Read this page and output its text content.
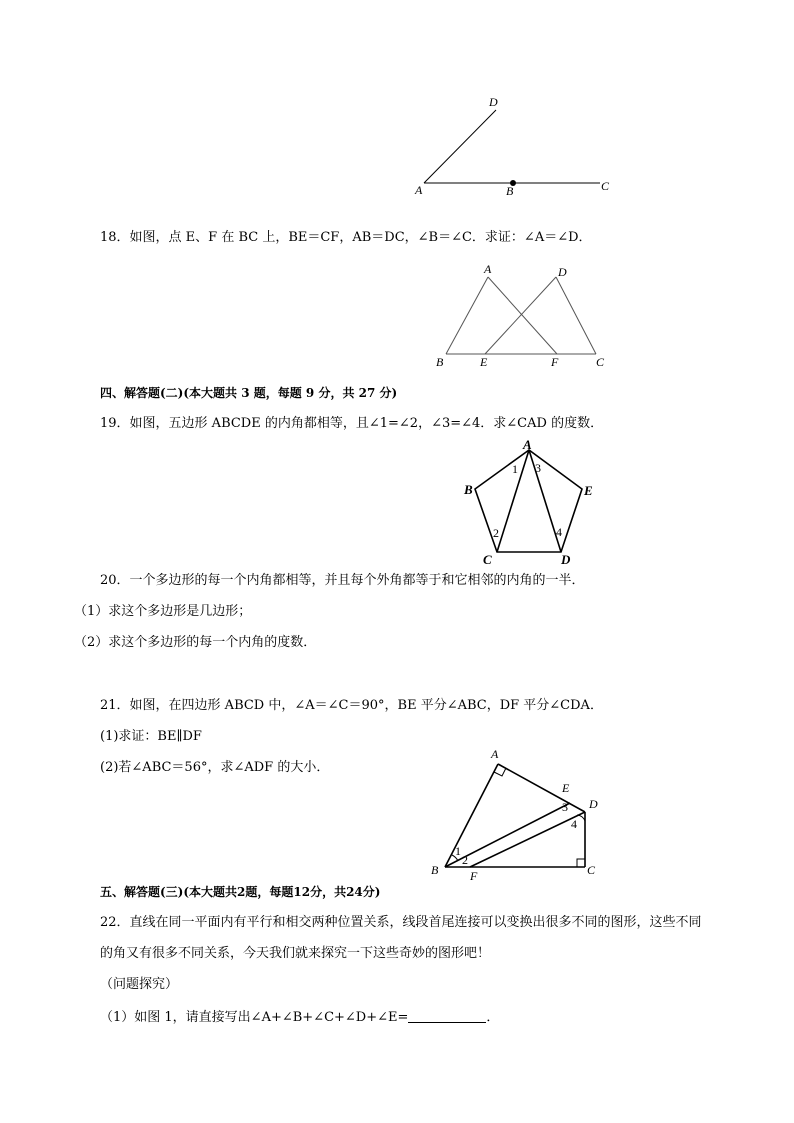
D
A	B	C
18．如图，点 E、F 在 BC 上，BE＝CF，AB＝DC，∠B＝∠C．求证：∠A＝∠D．
A	D
B	E	F	C
四、解答题(二)(本大题共 3 题，每题 9 分，共 27 分)
19．如图，五边形 ABCDE 的内角都相等，且∠1=∠2，∠3=∠4．求∠CAD 的度数．
A
B	E
C	D
1 3
2	4
20．一个多边形的每一个内角都相等，并且每个外角都等于和它相邻的内角的一半．
（1）求这个多边形是几边形；
（2）求这个多边形的每一个内角的度数．
21．如图，在四边形 ABCD 中，∠A＝∠C＝90°，BE 平分∠ABC，DF 平分∠CDA．
(1)求证：BE∥DF
(2)若∠ABC＝56°，求∠ADF 的大小．
A
E
D
B	F	C
1
2
3
4
五、解答题(三)(本大题共2题，每题12分，共24分)
22．直线在同一平面内有平行和相交两种位置关系，线段首尾连接可以变换出很多不同的图形，这些不同
的角又有很多不同关系，今天我们就来探究一下这些奇妙的图形吧！
（问题探究）
（1）如图 1，请直接写出∠A+∠B+∠C+∠D+∠E=	．
